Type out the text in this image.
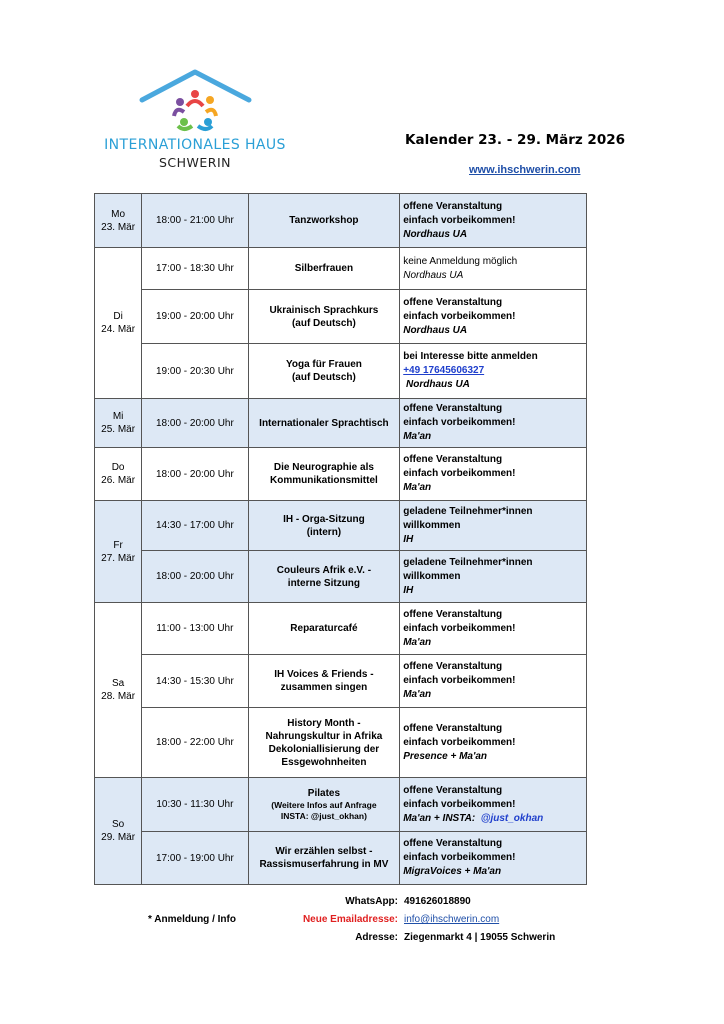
INTERNATIONALES HAUS
SCHWERIN
Kalender 23. - 29. März 2026
www.ihschwerin.com
Mo
23. Mär	18:00 - 21:00 Uhr	Tanzworkshop	offene Veranstaltung
einfach vorbeikommen!
Nordhaus UA
Di
24. Mär	17:00 - 18:30 Uhr	Silberfrauen	keine Anmeldung möglich
Nordhaus UA
	19:00 - 20:00 Uhr	Ukrainisch Sprachkurs
(auf Deutsch)	offene Veranstaltung
einfach vorbeikommen!
Nordhaus UA
	19:00 - 20:30 Uhr	Yoga für Frauen
(auf Deutsch)	bei Interesse bitte anmelden
+49 17645606327
Nordhaus UA
Mi
25. Mär	18:00 - 20:00 Uhr	Internationaler Sprachtisch	offene Veranstaltung
einfach vorbeikommen!
Ma'an
Do
26. Mär	18:00 - 20:00 Uhr	Die Neurographie als
Kommunikationsmittel	offene Veranstaltung
einfach vorbeikommen!
Ma'an
Fr
27. Mär	14:30 - 17:00 Uhr	IH - Orga-Sitzung
(intern)	geladene Teilnehmer*innen
willkommen
IH
	18:00 - 20:00 Uhr	Couleurs Afrik e.V. -
interne Sitzung	geladene Teilnehmer*innen
willkommen
IH
Sa
28. Mär	11:00 - 13:00 Uhr	Reparaturcafé	offene Veranstaltung
einfach vorbeikommen!
Ma'an
	14:30 - 15:30 Uhr	IH Voices & Friends -
zusammen singen	offene Veranstaltung
einfach vorbeikommen!
Ma'an
	18:00 - 22:00 Uhr	History Month -
Nahrungskultur in Afrika
Dekoloniallisierung der
Essgewohnheiten	offene Veranstaltung
einfach vorbeikommen!
Presence + Ma'an
So
29. Mär	10:30 - 11:30 Uhr	Pilates
(Weitere Infos auf Anfrage
INSTA: @just_okhan)	offene Veranstaltung
einfach vorbeikommen!
Ma'an + INSTA: @just_okhan
	17:00 - 19:00 Uhr	Wir erzählen selbst -
Rassismuserfahrung in MV	offene Veranstaltung
einfach vorbeikommen!
MigraVoices + Ma'an
* Anmeldung / Info
WhatsApp: 491626018890
Neue Emailadresse: info@ihschwerin.com
Adresse: Ziegenmarkt 4 | 19055 Schwerin
